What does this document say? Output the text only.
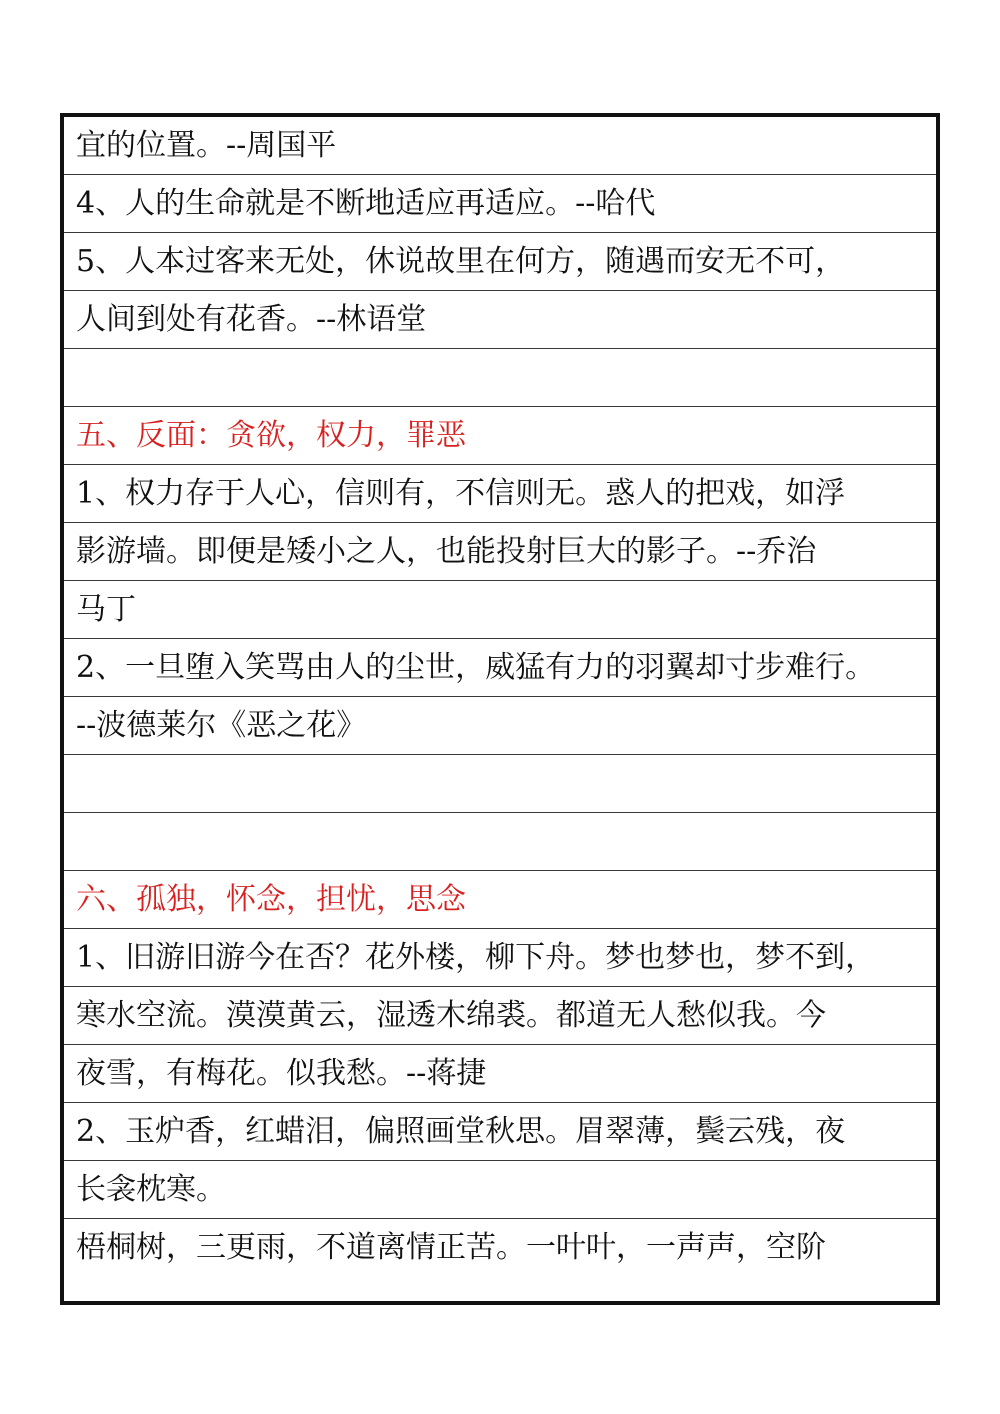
宜的位置。--周国平
4、人的生命就是不断地适应再适应。--哈代
5、人本过客来无处，休说故里在何方，随遇而安无不可，
人间到处有花香。--林语堂
五、反面：贪欲，权力，罪恶
1、权力存于人心，信则有，不信则无。惑人的把戏，如浮
影游墙。即便是矮小之人，也能投射巨大的影子。--乔治
马丁
2、一旦堕入笑骂由人的尘世，威猛有力的羽翼却寸步难行。
--波德莱尔《恶之花》
六、孤独，怀念，担忧，思念
1、旧游旧游今在否？花外楼，柳下舟。梦也梦也，梦不到，
寒水空流。漠漠黄云，湿透木绵裘。都道无人愁似我。今
夜雪，有梅花。似我愁。--蒋捷
2、玉炉香，红蜡泪，偏照画堂秋思。眉翠薄，鬓云残，夜
长衾枕寒。
梧桐树，三更雨，不道离情正苦。一叶叶，一声声，空阶
